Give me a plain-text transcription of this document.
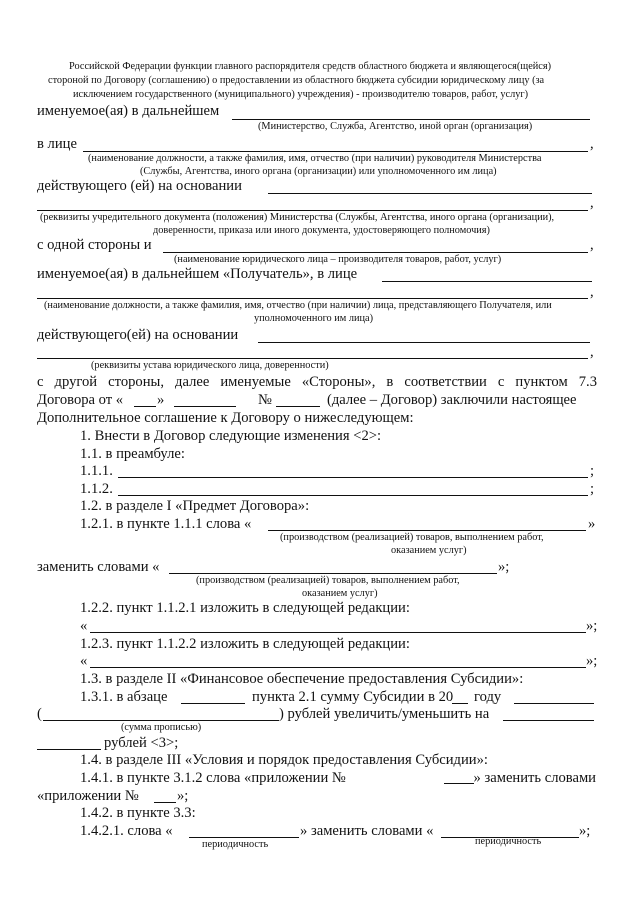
Российской Федерации функции главного распорядителя средств областного бюджета и являющегося(щейся)
стороной по Договору (соглашению) о предоставлении из областного бюджета субсидии юридическому лицу (за
исключением государственного (муниципального) учреждения) - производителю товаров, работ, услуг)
именуемое(ая) в дальнейшем
(Министерство, Служба, Агентство, иной орган (организация)
в лице	,
(наименование должности, а также фамилия, имя, отчество (при наличии) руководителя Министерства
(Службы, Агентства, иного органа (организации) или уполномоченного им лица)
действующего (ей) на основании
,
(реквизиты учредительного документа (положения) Министерства (Службы, Агентства, иного органа (организации),
доверенности, приказа или иного документа, удостоверяющего полномочия)
с одной стороны и	,
(наименование юридического лица – производителя товаров, работ, услуг)
именуемое(ая) в дальнейшем «Получатель», в лице
,
(наименование должности, а также фамилия, имя, отчество (при наличии) лица, представляющего Получателя, или
уполномоченного им лица)
действующего(ей) на основании
,
(реквизиты устава юридического лица, доверенности)
с другой стороны, далее именуемые «Стороны», в соответствии с пунктом 7.3
Договора от « »	№	(далее – Договор) заключили настоящее
Дополнительное соглашение к Договору о нижеследующем:
1. Внести в Договор следующие изменения <2>:
1.1. в преамбуле:
1.1.1.	;
1.1.2.	;
1.2. в разделе I «Предмет Договора»:
1.2.1. в пункте 1.1.1 слова «	»
(производством (реализацией) товаров, выполнением работ,
оказанием услуг)
заменить словами «	»;
(производством (реализацией) товаров, выполнением работ,
оказанием услуг)
1.2.2. пункт 1.1.2.1 изложить в следующей редакции:
«	»;
1.2.3. пункт 1.1.2.2 изложить в следующей редакции:
«	»;
1.3. в разделе II «Финансовое обеспечение предоставления Субсидии»:
1.3.1. в абзаце	пункта 2.1 сумму Субсидии в 20 году
(	) рублей увеличить/уменьшить на
(сумма прописью)
рублей <3>;
1.4. в разделе III «Условия и порядок предоставления Субсидии»:
1.4.1. в пункте 3.1.2 слова «приложении №	» заменить словами
«приложении №	»;
1.4.2. в пункте 3.3:
1.4.2.1. слова «	» заменить словами «	»;
периодичность	периодичность
